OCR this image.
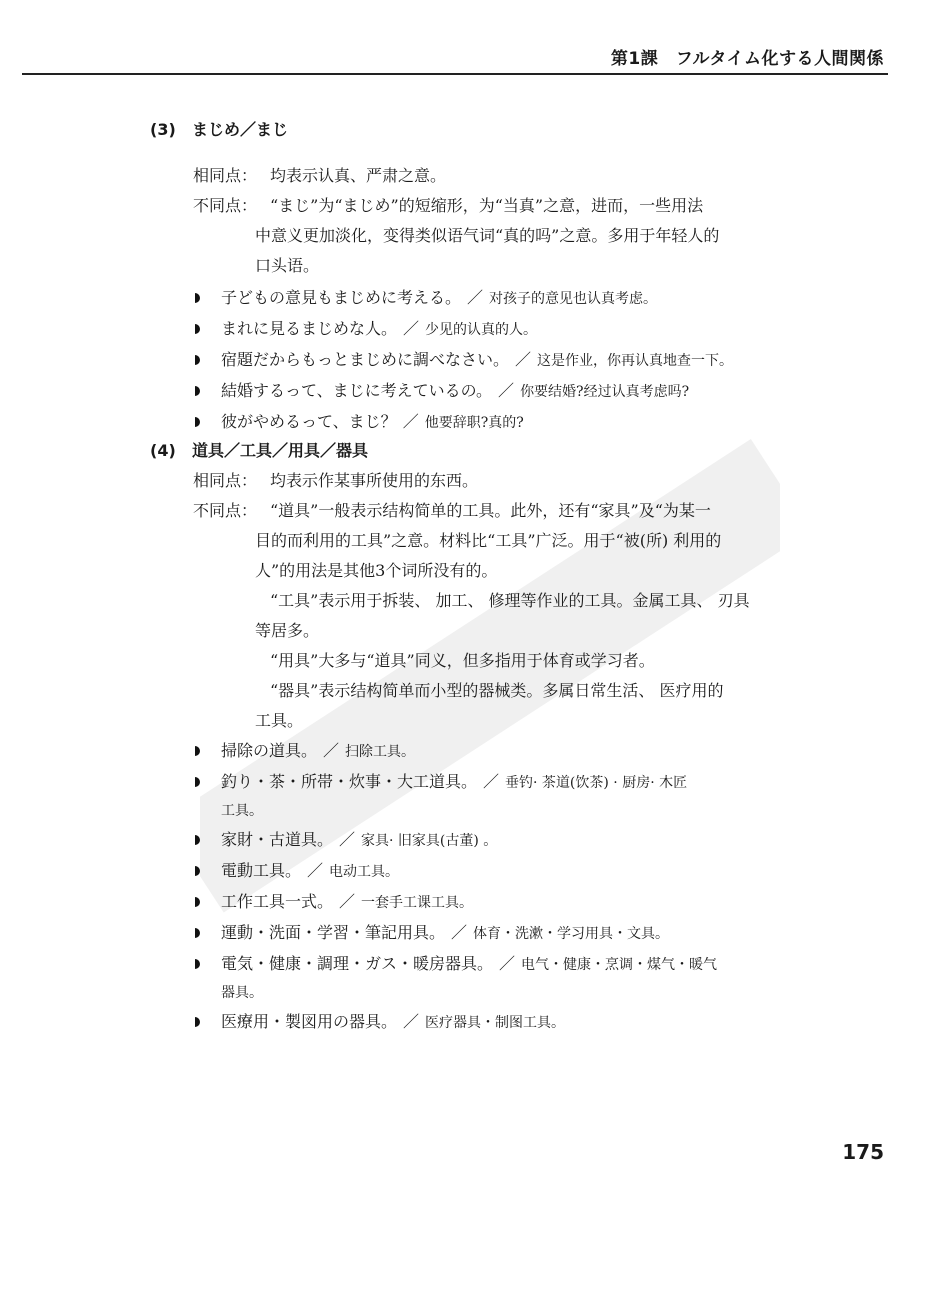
第1課　フルタイム化する人間関係
(3) まじめ／まじ
相同点： 均表示认真、严肃之意。

不同点： “まじ”为“まじめ”的短缩形，为“当真”之意，进而，一些用法

中意义更加淡化，变得类似语气词“真的吗”之意。多用于年轻人的
口头语。
子どもの意見もまじめに考える。 ／ 对孩子的意见也认真考虑。
まれに見るまじめな人。 ／ 少见的认真的人。
宿題だからもっとまじめに調べなさい。 ／ 这是作业，你再认真地查一下。
結婚するって、まじに考えているの。 ／ 你要结婚?经过认真考虑吗?
彼がやめるって、まじ？ ／ 他要辞职?真的?
(4) 道具／工具／用具／器具
相同点： 均表示作某事所使用的东西。

不同点： “道具”一般表示结构简单的工具。此外，还有“家具”及“为某一

目的而利用的工具”之意。材料比“工具”广泛。用于“被(所) 利用的
人”的用法是其他3个词所没有的。
“工具”表示用于拆装、 加工、 修理等作业的工具。金属工具、 刃具
等居多。
“用具”大多与“道具”同义，但多指用于体育或学习者。
“器具”表示结构简单而小型的器械类。多属日常生活、 医疗用的
工具。
掃除の道具。 ／ 扫除工具。
釣り・茶・所帯・炊事・大工道具。 ／ 垂钓· 茶道(饮茶) · 厨房· 木匠
工具。
家財・古道具。 ／ 家具· 旧家具(古董) 。
電動工具。 ／ 电动工具。
工作工具一式。 ／ 一套手工课工具。
運動・洗面・学習・筆記用具。 ／ 体育・洗漱・学习用具・文具。
電気・健康・調理・ガス・暖房器具。 ／ 电气・健康・烹调・煤气・暖气
器具。
医療用・製図用の器具。 ／ 医疗器具・制图工具。
175
